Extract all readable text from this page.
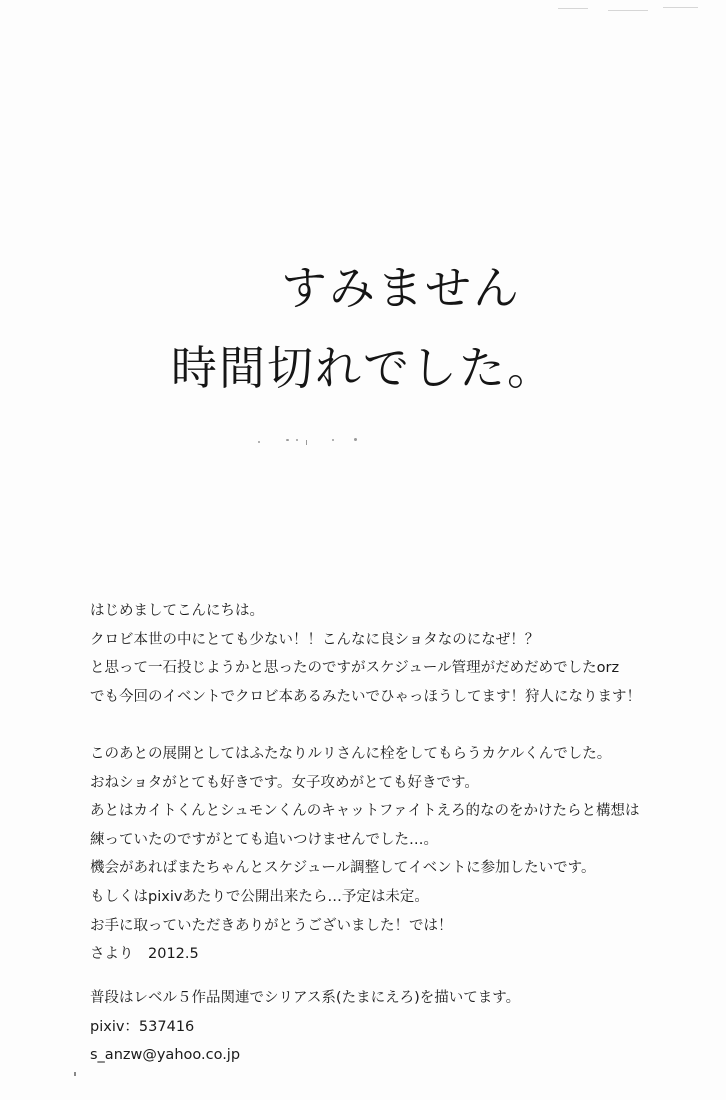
すみません
時間切れでした。
はじめましてこんにちは。
クロビ本世の中にとても少ない！！こんなに良ショタなのになぜ！？
と思って一石投じようかと思ったのですがスケジュール管理がだめだめでしたorz
でも今回のイベントでクロビ本あるみたいでひゃっほうしてます！狩人になります！
このあとの展開としてはふたなりルリさんに栓をしてもらうカケルくんでした。
おねショタがとても好きです。女子攻めがとても好きです。
あとはカイトくんとシュモンくんのキャットファイトえろ的なのをかけたらと構想は
練っていたのですがとても追いつけませんでした…。
機会があればまたちゃんとスケジュール調整してイベントに参加したいです。
もしくはpixivあたりで公開出来たら…予定は未定。
お手に取っていただきありがとうございました！では！
さより　2012.5
普段はレベル５作品関連でシリアス系(たまにえろ)を描いてます。
pixiv：537416
s_anzw@yahoo.co.jp
